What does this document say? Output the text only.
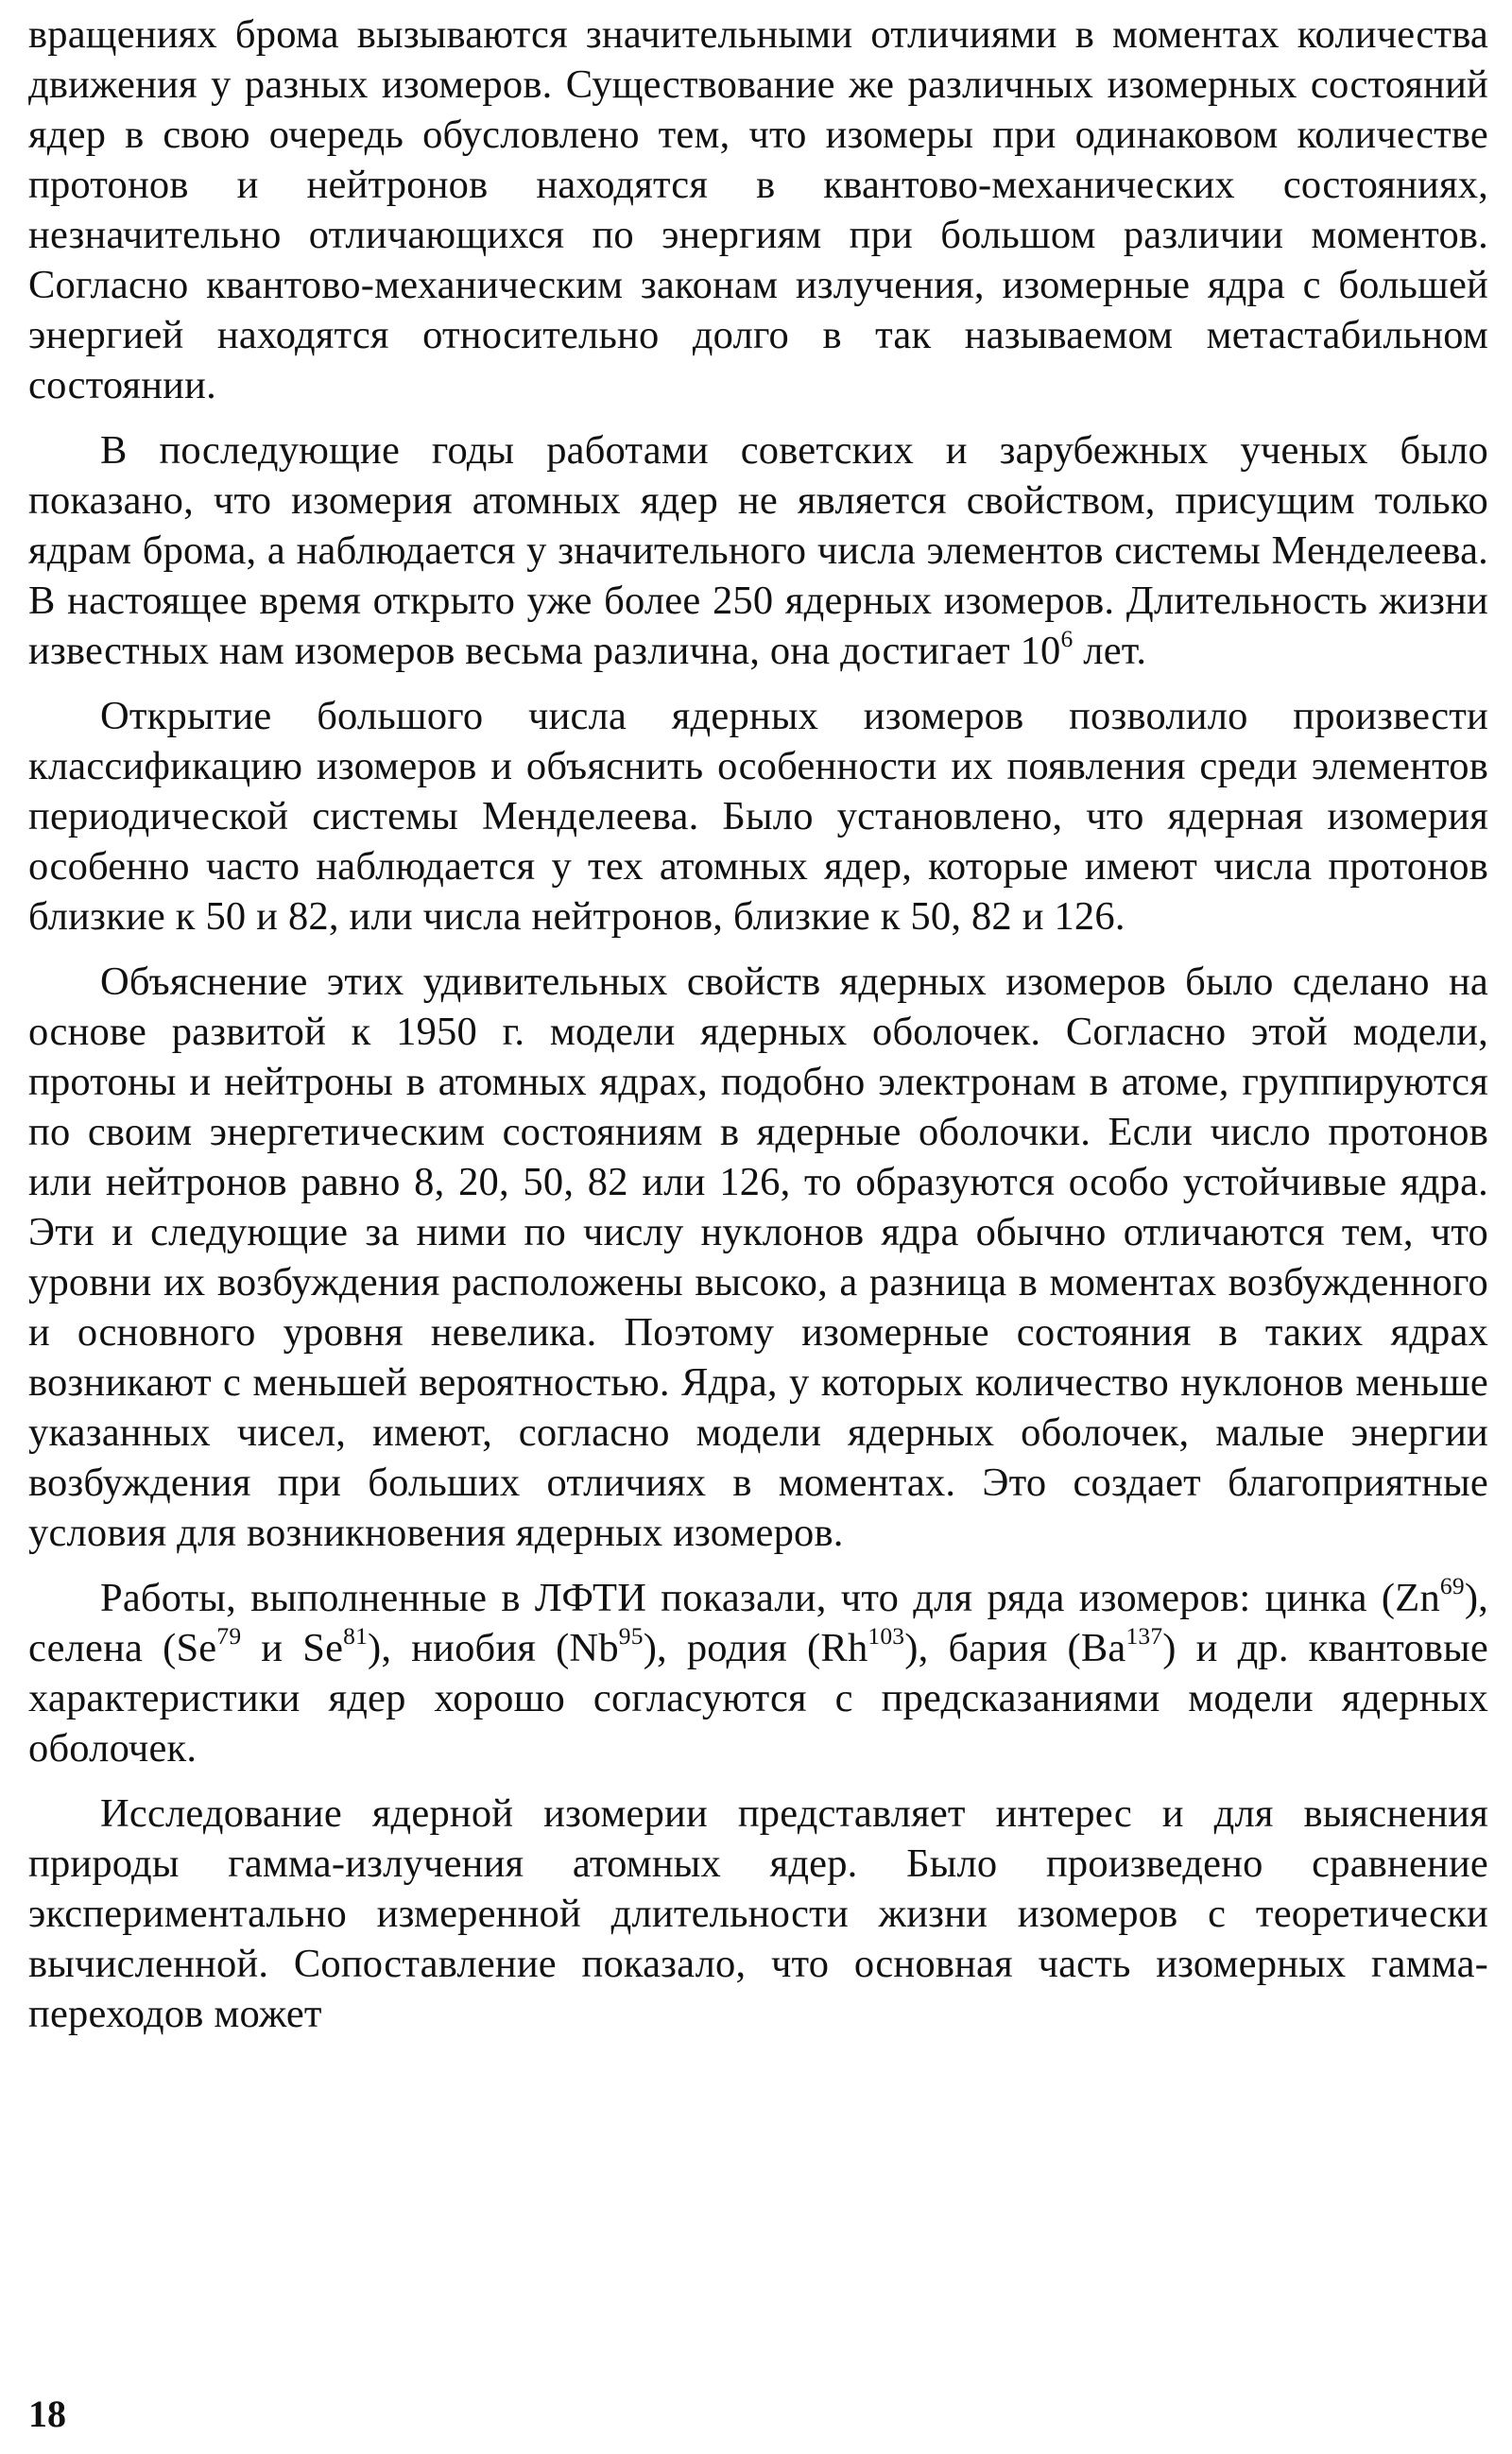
вращениях брома вызываются значительными отличиями в моментах количества движения у разных изомеров. Существование же различных изомерных состояний ядер в свою очередь обусловлено тем, что изомеры при одинаковом количестве протонов и нейтронов находятся в квантово-механических состояниях, незначительно отличающихся по энергиям при большом различии моментов. Согласно квантово-механическим законам излучения, изомерные ядра с большей энергией находятся относительно долго в так называемом метастабильном состоянии.

В последующие годы работами советских и зарубежных ученых было показано, что изомерия атомных ядер не является свойством, присущим только ядрам брома, а наблюдается у значительного числа элементов системы Менделеева. В настоящее время открыто уже более 250 ядерных изомеров. Длительность жизни известных нам изомеров весьма различна, она достигает $10^6$ лет.

Открытие большого числа ядерных изомеров позволило произвести классификацию изомеров и объяснить особенности их появления среди элементов периодической системы Менделеева. Было установлено, что ядерная изомерия особенно часто наблюдается у тех атомных ядер, которые имеют числа протонов близкие к 50 и 82, или числа нейтронов, близкие к 50, 82 и 126.

Объяснение этих удивительных свойств ядерных изомеров было сделано на основе развитой к 1950 г. модели ядерных оболочек. Согласно этой модели, протоны и нейтроны в атомных ядрах, подобно электронам в атоме, группируются по своим энергетическим состояниям в ядерные оболочки. Если число протонов или нейтронов равно 8, 20, 50, 82 или 126, то образуются особо устойчивые ядра. Эти и следующие за ними по числу нуклонов ядра обычно отличаются тем, что уровни их возбуждения расположены высоко, а разница в моментах возбужденного и основного уровня невелика. Поэтому изомерные состояния в таких ядрах возникают с меньшей вероятностью. Ядра, у которых количество нуклонов меньше указанных чисел, имеют, согласно модели ядерных оболочек, малые энергии возбуждения при больших отличиях в моментах. Это создает благоприятные условия для возникновения ядерных изомеров.

Работы, выполненные в ЛФТИ показали, что для ряда изомеров: цинка (Zn$^{69}$), селена (Se$^{79}$ и Se$^{81}$), ниобия (Nb$^{95}$), родия (Rh$^{103}$), бария (Ba$^{137}$) и др. квантовые характеристики ядер хорошо согласуются с предсказаниями модели ядерных оболочек.

Исследование ядерной изомерии представляет интерес и для выяснения природы гамма-излучения атомных ядер. Было произведено сравнение экспериментально измеренной длительности жизни изомеров с теоретически вычисленной. Сопоставление показало, что основная часть изомерных гамма-переходов может

18
